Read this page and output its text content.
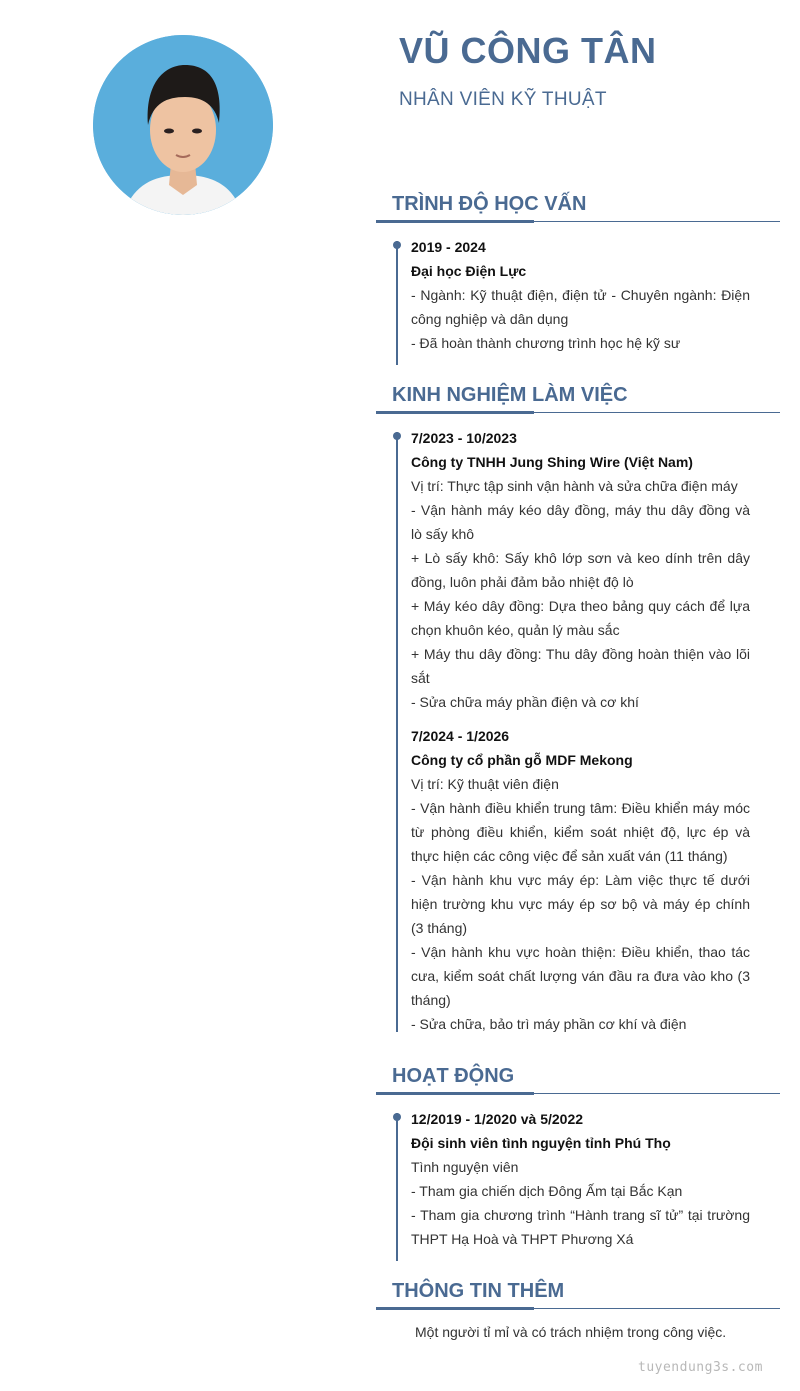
VŨ CÔNG TÂN
NHÂN VIÊN KỸ THUẬT
TRÌNH ĐỘ HỌC VẤN
2019 - 2024
Đại học Điện Lực
- Ngành: Kỹ thuật điện, điện tử - Chuyên ngành: Điện công nghiệp và dân dụng
- Đã hoàn thành chương trình học hệ kỹ sư
KINH NGHIỆM LÀM VIỆC
7/2023 - 10/2023
Công ty TNHH Jung Shing Wire (Việt Nam)
Vị trí: Thực tập sinh vận hành và sửa chữa điện máy
- Vận hành máy kéo dây đồng, máy thu dây đồng và lò sấy khô
+ Lò sấy khô: Sấy khô lớp sơn và keo dính trên dây đồng, luôn phải đảm bảo nhiệt độ lò
+ Máy kéo dây đồng: Dựa theo bảng quy cách để lựa chọn khuôn kéo, quản lý màu sắc
+ Máy thu dây đồng: Thu dây đồng hoàn thiện vào lõi sắt
- Sửa chữa máy phần điện và cơ khí
7/2024 - 1/2026
Công ty cổ phần gỗ MDF Mekong
Vị trí: Kỹ thuật viên điện
- Vận hành điều khiển trung tâm: Điều khiển máy móc từ phòng điều khiển, kiểm soát nhiệt độ, lực ép và thực hiện các công việc để sản xuất ván (11 tháng)
- Vận hành khu vực máy ép: Làm việc thực tế dưới hiện trường khu vực máy ép sơ bộ và máy ép chính (3 tháng)
- Vận hành khu vực hoàn thiện: Điều khiển, thao tác cưa, kiểm soát chất lượng ván đầu ra đưa vào kho (3 tháng)
- Sửa chữa, bảo trì máy phần cơ khí và điện
HOẠT ĐỘNG
12/2019 - 1/2020 và 5/2022
Đội sinh viên tình nguyện tỉnh Phú Thọ
Tình nguyện viên
- Tham gia chiến dịch Đông Ấm tại Bắc Kạn
- Tham gia chương trình “Hành trang sĩ tử” tại trường THPT Hạ Hoà và THPT Phương Xá
THÔNG TIN THÊM

Một người tỉ mỉ và có trách nhiệm trong công việc.

tuyendung3s.com
